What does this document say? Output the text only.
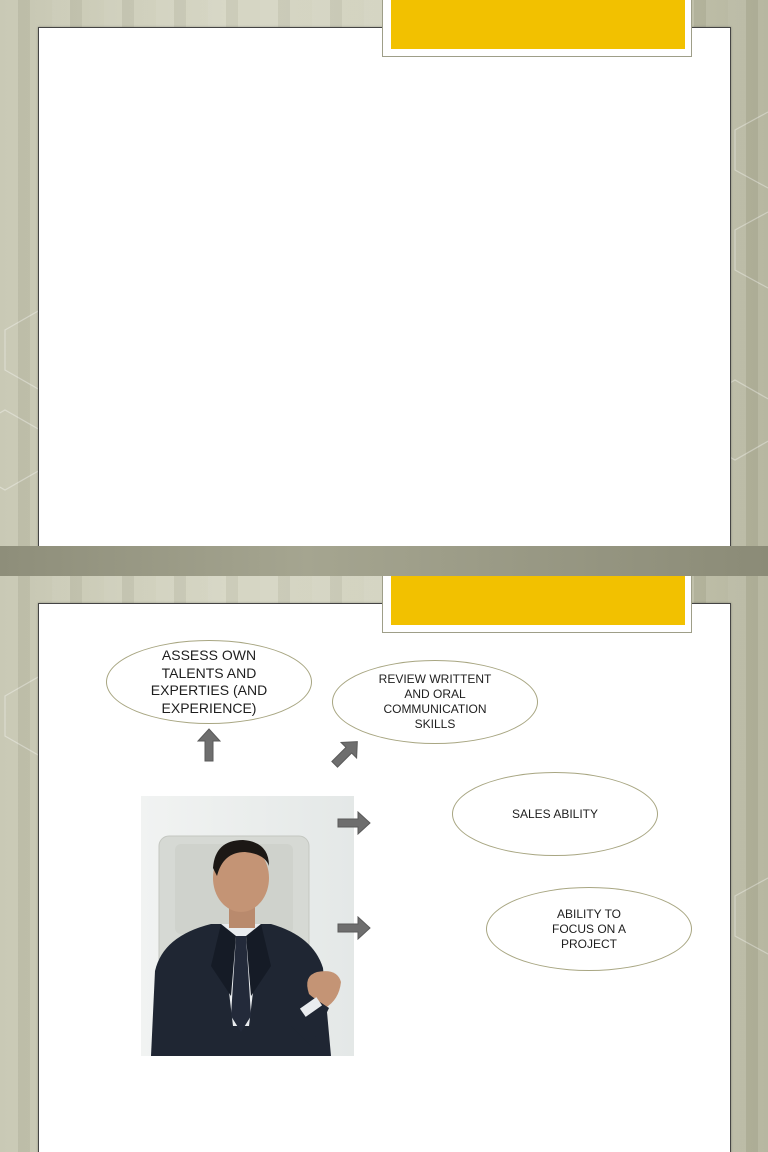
ASSESS OWN TALENTS AND EXPERTIES (AND EXPERIENCE)
REVIEW WRITTENT AND ORAL COMMUNICATION SKILLS
SALES ABILITY
ABILITY TO FOCUS ON A PROJECT
